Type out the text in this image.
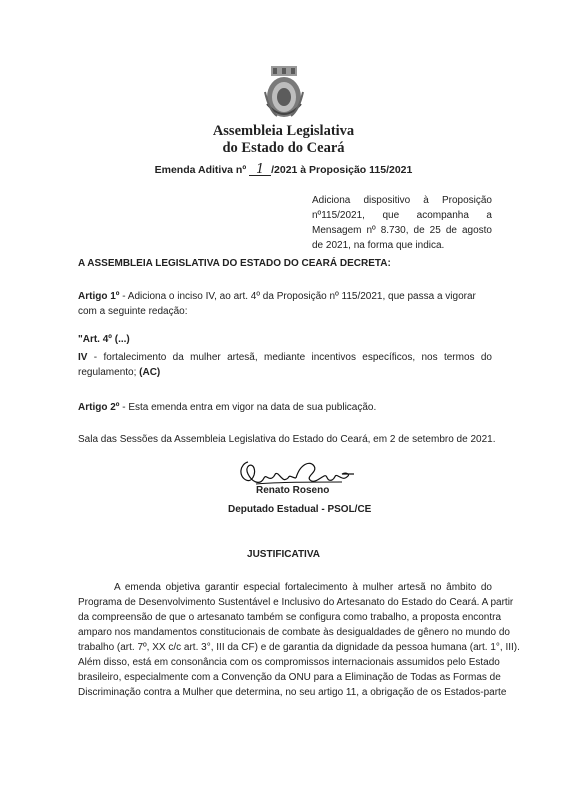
Assembleia Legislativa
do Estado do Ceará
Emenda Aditiva nº 1 /2021 à Proposição 115/2021
Adiciona dispositivo à Proposição nº115/2021, que acompanha a Mensagem nº 8.730, de 25 de agosto de 2021, na forma que indica.
A ASSEMBLEIA LEGISLATIVA DO ESTADO DO CEARÁ DECRETA:
Artigo 1º - Adiciona o inciso IV, ao art. 4º da Proposição nº 115/2021, que passa a vigorar com a seguinte redação:
"Art. 4º (...)
IV - fortalecimento da mulher artesã, mediante incentivos específicos, nos termos do regulamento; (AC)
Artigo 2º - Esta emenda entra em vigor na data de sua publicação.
Sala das Sessões da Assembleia Legislativa do Estado do Ceará, em 2 de setembro de 2021.
Renato Roseno
Deputado Estadual - PSOL/CE
JUSTIFICATIVA
A emenda objetiva garantir especial fortalecimento à mulher artesã no âmbito do
Programa de Desenvolvimento Sustentável e Inclusivo do Artesanato do Estado do Ceará. A partir
da compreensão de que o artesanato também se configura como trabalho, a proposta encontra
amparo nos mandamentos constitucionais de combate às desigualdades de gênero no mundo do
trabalho (art. 7º, XX c/c art. 3°, III da CF) e de garantia da dignidade da pessoa humana (art. 1°, III).
Além disso, está em consonância com os compromissos internacionais assumidos pelo Estado
brasileiro, especialmente com a Convenção da ONU para a Eliminação de Todas as Formas de
Discriminação contra a Mulher que determina, no seu artigo 11, a obrigação de os Estados-parte
